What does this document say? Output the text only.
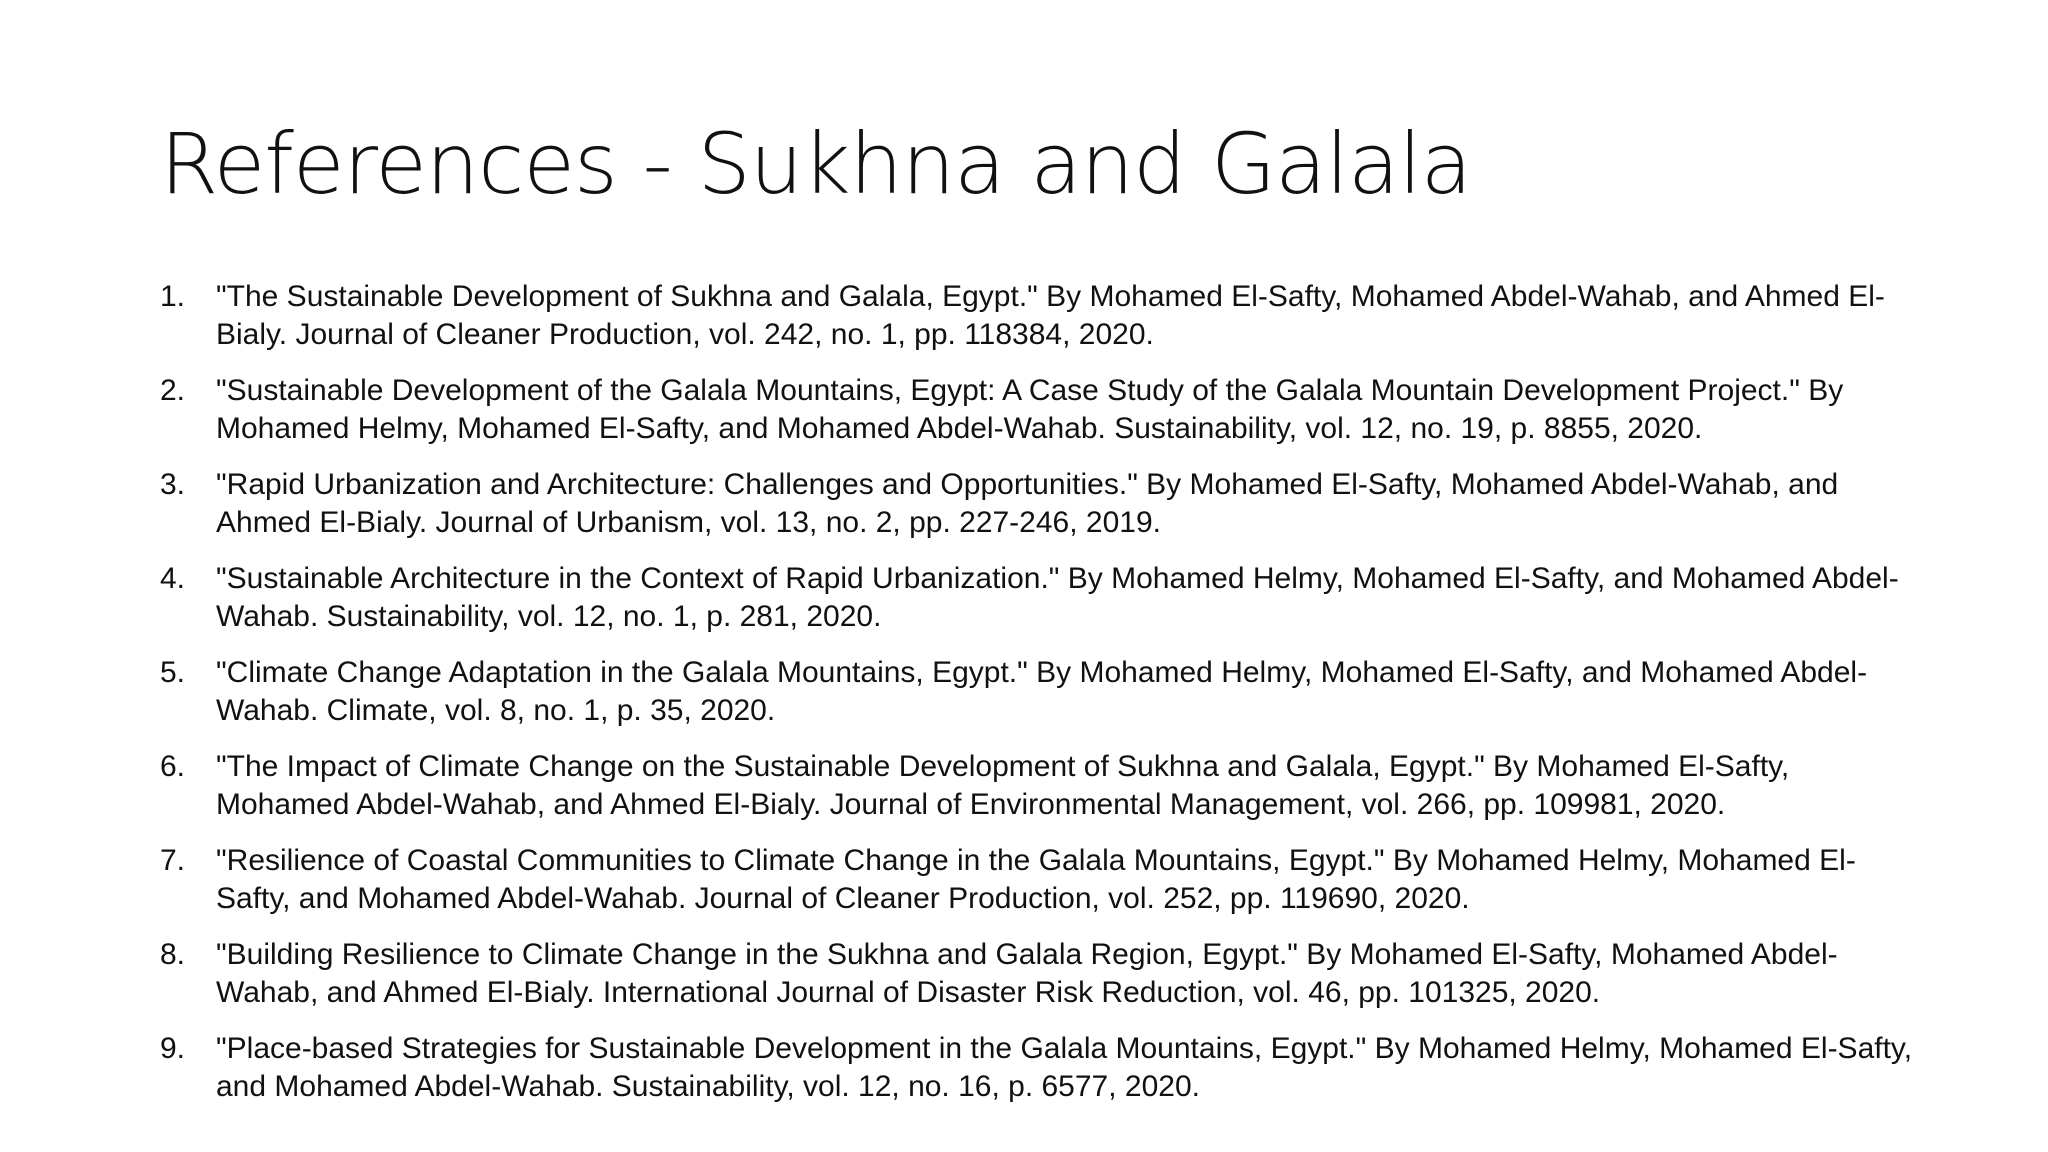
References - Sukhna and Galala
1.	"The Sustainable Development of Sukhna and Galala, Egypt." By Mohamed El-Safty, Mohamed Abdel-Wahab, and Ahmed El-Bialy. Journal of Cleaner Production, vol. 242, no. 1, pp. 118384, 2020.
2.	"Sustainable Development of the Galala Mountains, Egypt: A Case Study of the Galala Mountain Development Project." By Mohamed Helmy, Mohamed El-Safty, and Mohamed Abdel-Wahab. Sustainability, vol. 12, no. 19, p. 8855, 2020.
3.	"Rapid Urbanization and Architecture: Challenges and Opportunities." By Mohamed El-Safty, Mohamed Abdel-Wahab, and Ahmed El-Bialy. Journal of Urbanism, vol. 13, no. 2, pp. 227-246, 2019.
4.	"Sustainable Architecture in the Context of Rapid Urbanization." By Mohamed Helmy, Mohamed El-Safty, and Mohamed Abdel-Wahab. Sustainability, vol. 12, no. 1, p. 281, 2020.
5.	"Climate Change Adaptation in the Galala Mountains, Egypt." By Mohamed Helmy, Mohamed El-Safty, and Mohamed Abdel-Wahab. Climate, vol. 8, no. 1, p. 35, 2020.
6.	"The Impact of Climate Change on the Sustainable Development of Sukhna and Galala, Egypt." By Mohamed El-Safty, Mohamed Abdel-Wahab, and Ahmed El-Bialy. Journal of Environmental Management, vol. 266, pp. 109981, 2020.
7.	"Resilience of Coastal Communities to Climate Change in the Galala Mountains, Egypt." By Mohamed Helmy, Mohamed El-Safty, and Mohamed Abdel-Wahab. Journal of Cleaner Production, vol. 252, pp. 119690, 2020.
8.	"Building Resilience to Climate Change in the Sukhna and Galala Region, Egypt." By Mohamed El-Safty, Mohamed Abdel-Wahab, and Ahmed El-Bialy. International Journal of Disaster Risk Reduction, vol. 46, pp. 101325, 2020.
9.	"Place-based Strategies for Sustainable Development in the Galala Mountains, Egypt." By Mohamed Helmy, Mohamed El-Safty, and Mohamed Abdel-Wahab. Sustainability, vol. 12, no. 16, p. 6577, 2020.
